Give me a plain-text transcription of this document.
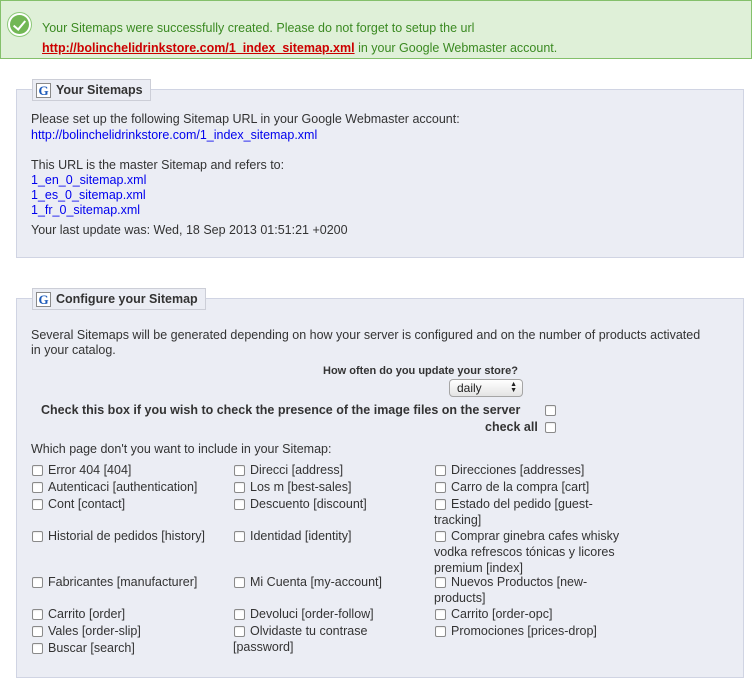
Your Sitemaps were successfully created. Please do not forget to setup the url
http://bolinchelidrinkstore.com/1_index_sitemap.xml in your Google Webmaster account.
G Your Sitemaps
Please set up the following Sitemap URL in your Google Webmaster account:
http://bolinchelidrinkstore.com/1_index_sitemap.xml
This URL is the master Sitemap and refers to:
1_en_0_sitemap.xml
1_es_0_sitemap.xml
1_fr_0_sitemap.xml
Your last update was: Wed, 18 Sep 2013 01:51:21 +0200
G Configure your Sitemap
Several Sitemaps will be generated depending on how your server is configured and on the number of products activated
in your catalog.
How often do you update your store?
daily	▲
▼
Check this box if you wish to check the presence of the image files on the server
check all
Which page don't you want to include in your Sitemap:
Error 404 [404]	Direcci [address]	Direcciones [addresses]
Autenticaci [authentication]	Los m [best-sales]	Carro de la compra [cart]
Cont [contact]	Descuento [discount]	Estado del pedido [guest-
tracking]
Historial de pedidos [history]	Identidad [identity]	Comprar ginebra cafes whisky
vodka refrescos tónicas y licores
premium [index]
Fabricantes [manufacturer]	Mi Cuenta [my-account]	Nuevos Productos [new-
products]
Carrito [order]	Devoluci [order-follow]	Carrito [order-opc]
Vales [order-slip]	Olvidaste tu contrase
[password]
Promociones [prices-drop]
Buscar [search]
